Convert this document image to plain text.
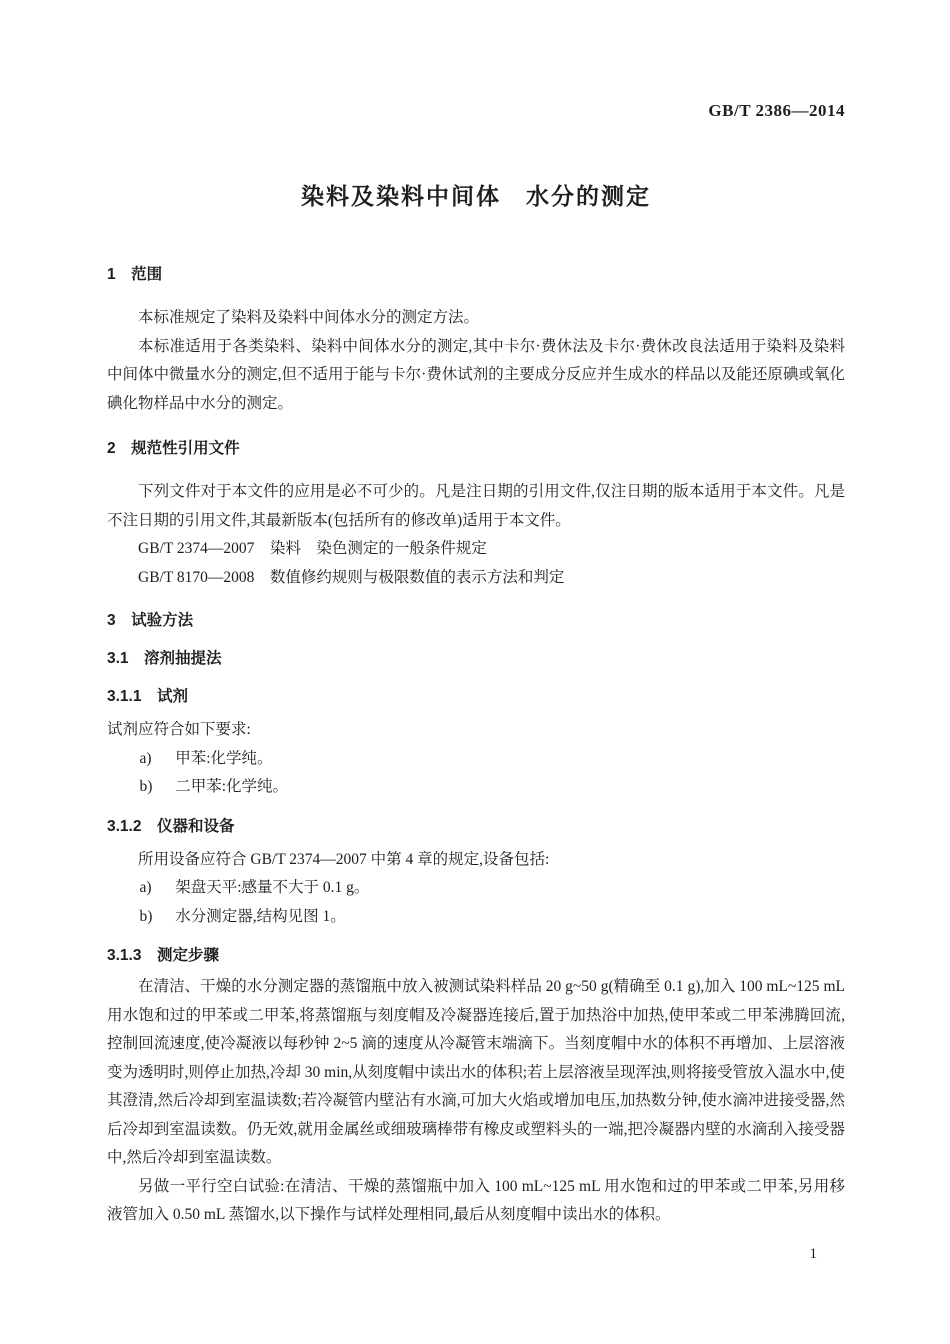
GB/T 2386—2014
染料及染料中间体　水分的测定
1　范围

本标准规定了染料及染料中间体水分的测定方法。

本标准适用于各类染料、染料中间体水分的测定,其中卡尔·费休法及卡尔·费休改良法适用于染料及染料中间体中微量水分的测定,但不适用于能与卡尔·费休试剂的主要成分反应并生成水的样品以及能还原碘或氧化碘化物样品中水分的测定。

2　规范性引用文件

下列文件对于本文件的应用是必不可少的。凡是注日期的引用文件,仅注日期的版本适用于本文件。凡是不注日期的引用文件,其最新版本(包括所有的修改单)适用于本文件。

GB/T 2374—2007　染料　染色测定的一般条件规定

GB/T 8170—2008　数值修约规则与极限数值的表示方法和判定

3　试验方法
3.1　溶剂抽提法
3.1.1　试剂

试剂应符合如下要求:

a) 甲苯:化学纯。
b) 二甲苯:化学纯。
3.1.2　仪器和设备

所用设备应符合 GB/T 2374—2007 中第 4 章的规定,设备包括:

a) 架盘天平:感量不大于 0.1 g。
b) 水分测定器,结构见图 1。
3.1.3　测定步骤

在清洁、干燥的水分测定器的蒸馏瓶中放入被测试染料样品 20 g~50 g(精确至 0.1 g),加入 100 mL~125 mL 用水饱和过的甲苯或二甲苯,将蒸馏瓶与刻度帽及冷凝器连接后,置于加热浴中加热,使甲苯或二甲苯沸腾回流,控制回流速度,使冷凝液以每秒钟 2~5 滴的速度从冷凝管末端滴下。当刻度帽中水的体积不再增加、上层溶液变为透明时,则停止加热,冷却 30 min,从刻度帽中读出水的体积;若上层溶液呈现浑浊,则将接受管放入温水中,使其澄清,然后冷却到室温读数;若冷凝管内壁沾有水滴,可加大火焰或增加电压,加热数分钟,使水滴冲进接受器,然后冷却到室温读数。仍无效,就用金属丝或细玻璃棒带有橡皮或塑料头的一端,把冷凝器内壁的水滴刮入接受器中,然后冷却到室温读数。

另做一平行空白试验:在清洁、干燥的蒸馏瓶中加入 100 mL~125 mL 用水饱和过的甲苯或二甲苯,另用移液管加入 0.50 mL 蒸馏水,以下操作与试样处理相同,最后从刻度帽中读出水的体积。

1
